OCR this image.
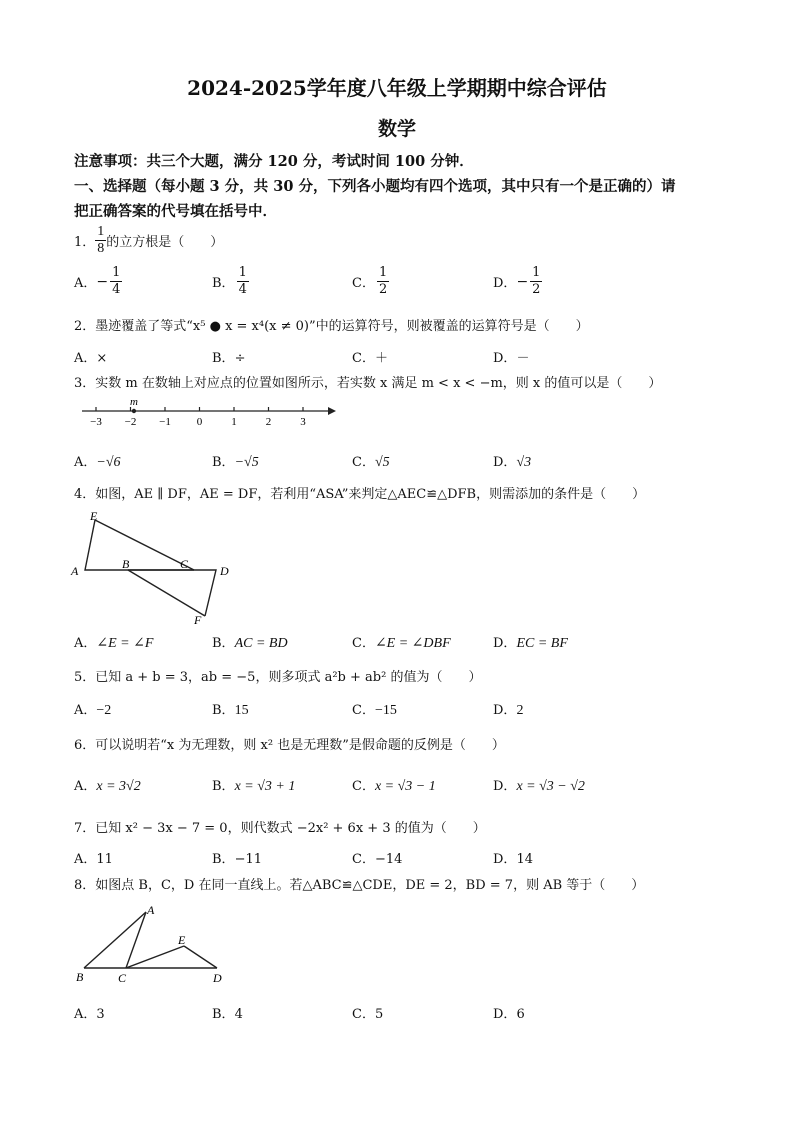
2024-2025学年度八年级上学期期中综合评估
数学
注意事项：共三个大题，满分 120 分，考试时间 100 分钟．
一、选择题（每小题 3 分，共 30 分，下列各小题均有四个选项，其中只有一个是正确的）请
把正确答案的代号填在括号中．
1． $\frac{1}{8}$ 的立方根是（　　）
A． − $\frac{1}{4}$	B． $\frac{1}{4}$	C． $\frac{1}{2}$	D． − $\frac{1}{2}$
2．墨迹覆盖了等式“x⁵ ● x = x⁴(x ≠ 0)”中的运算符号，则被覆盖的运算符号是（　　）
A．×	B．÷	C．＋	D．－
3．实数 m 在数轴上对应点的位置如图所示，若实数 x 满足 m < x < −m，则 x 的值可以是（　　）
−3 −2 −1 0	1	2	3
m
A．−√6	B．−√5	C．√5	D．√3
4．如图，AE ∥ DF，AE = DF，若利用“ASA”来判定△AEC≌△DFB，则需添加的条件是（　　）
E
A	B	C	D
F
A．∠E = ∠F	B．AC = BD	C．∠E = ∠DBF	D．EC = BF
5．已知 a + b = 3，ab = −5，则多项式 a²b + ab² 的值为（　　）
A．−2	B．15	C．−15	D．2
6．可以说明若“x 为无理数，则 x² 也是无理数”是假命题的反例是（　　）
A．x = 3√2	B．x = √3 + 1	C．x = √3 − 1	D．x = √3 − √2
7．已知 x² − 3x − 7 = 0，则代数式 −2x² + 6x + 3 的值为（　　）
A．11	B．−11	C．−14	D．14
8．如图点 B，C，D 在同一直线上。若△ABC≌△CDE，DE = 2，BD = 7，则 AB 等于（　　）
A
B	C
E
D
A．3	B．4	C．5	D．6
